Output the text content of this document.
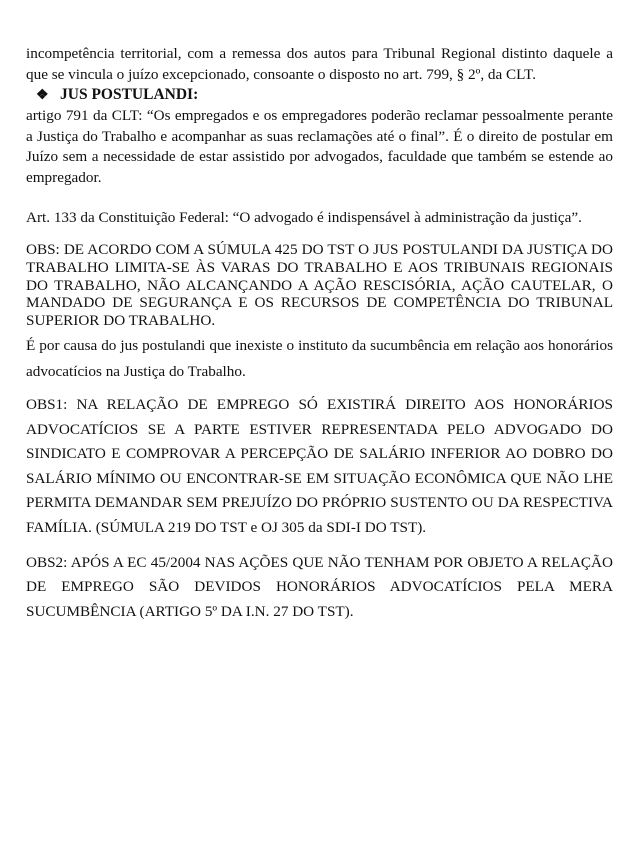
incompetência territorial, com a remessa dos autos para Tribunal Regional distinto daquele a que se vincula o juízo excepcionado, consoante o disposto no art. 799, § 2º, da CLT.

❖ JUS POSTULANDI:

artigo 791 da CLT: “Os empregados e os empregadores poderão reclamar pessoalmente perante a Justiça do Trabalho e acompanhar as suas reclamações até o final”. É o direito de postular em Juízo sem a necessidade de estar assistido por advogados, faculdade que também se estende ao empregador.

Art. 133 da Constituição Federal: “O advogado é indispensável à administração da justiça”.

OBS: DE ACORDO COM A SÚMULA 425 DO TST O JUS POSTULANDI DA JUSTIÇA DO TRABALHO LIMITA-SE ÀS VARAS DO TRABALHO E AOS TRIBUNAIS REGIONAIS DO TRABALHO, NÃO ALCANÇANDO A AÇÃO RESCISÓRIA, AÇÃO CAUTELAR, O MANDADO DE SEGURANÇA E OS RECURSOS DE COMPETÊNCIA DO TRIBUNAL SUPERIOR DO TRABALHO.

É por causa do jus postulandi que inexiste o instituto da sucumbência em relação aos honorários advocatícios na Justiça do Trabalho.

OBS1: NA RELAÇÃO DE EMPREGO SÓ EXISTIRÁ DIREITO AOS HONORÁRIOS ADVOCATÍCIOS SE A PARTE ESTIVER REPRESENTADA PELO ADVOGADO DO SINDICATO E COMPROVAR A PERCEPÇÃO DE SALÁRIO INFERIOR AO DOBRO DO SALÁRIO MÍNIMO OU ENCONTRAR-SE EM SITUAÇÃO ECONÔMICA QUE NÃO LHE PERMITA DEMANDAR SEM PREJUÍZO DO PRÓPRIO SUSTENTO OU DA RESPECTIVA FAMÍLIA. (SÚMULA 219 DO TST e OJ 305 da SDI-I DO TST).

OBS2: APÓS A EC 45/2004 NAS AÇÕES QUE NÃO TENHAM POR OBJETO A RELAÇÃO DE EMPREGO SÃO DEVIDOS HONORÁRIOS ADVOCATÍCIOS PELA MERA SUCUMBÊNCIA (ARTIGO 5º DA I.N. 27 DO TST).
